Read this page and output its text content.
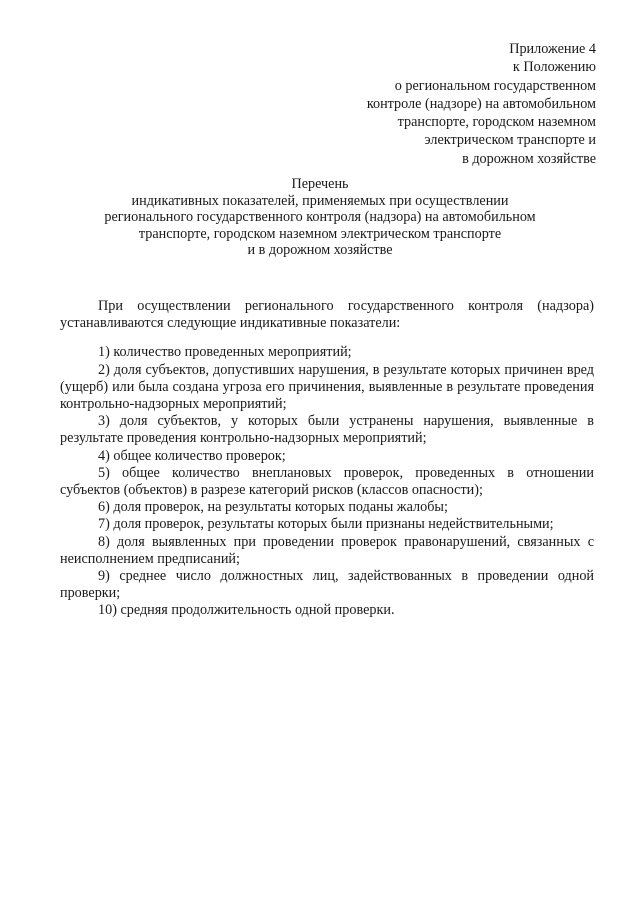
Приложение 4
к Положению
о региональном государственном
контроле (надзоре) на автомобильном
транспорте, городском наземном
электрическом транспорте и
в дорожном хозяйстве
Перечень
индикативных показателей, применяемых при осуществлении
регионального государственного контроля (надзора) на автомобильном
транспорте, городском наземном электрическом транспорте
и в дорожном хозяйстве

При осуществлении регионального государственного контроля (надзора) устанавливаются следующие индикативные показатели:

1) количество проведенных мероприятий;

2) доля субъектов, допустивших нарушения, в результате которых причинен вред (ущерб) или была создана угроза его причинения, выявленные в результате проведения контрольно-надзорных мероприятий;

3) доля субъектов, у которых были устранены нарушения, выявленные в результате проведения контрольно-надзорных мероприятий;

4) общее количество проверок;

5) общее количество внеплановых проверок, проведенных в отношении субъектов (объектов) в разрезе категорий рисков (классов опасности);

6) доля проверок, на результаты которых поданы жалобы;

7) доля проверок, результаты которых были признаны недействительными;

8) доля выявленных при проведении проверок правонарушений, связанных с неисполнением предписаний;

9) среднее число должностных лиц, задействованных в проведении одной проверки;

10) средняя продолжительность одной проверки.
